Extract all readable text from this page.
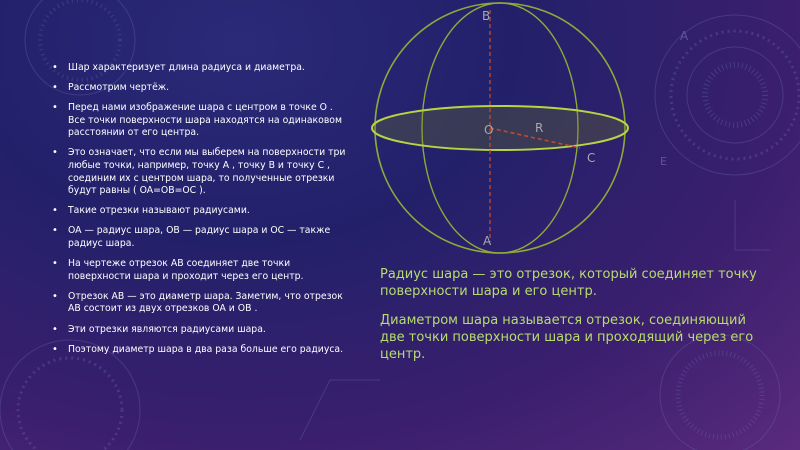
A
E
• Шар характеризует длина радиуса и диаметра.
• Рассмотрим чертёж.
• Перед нами изображение шара с центром в точке O . Все точки поверхности шара находятся на одинаковом расстоянии от его центра.
• Это означает, что если мы выберем на поверхности три любые точки, например, точку A , точку B и точку C , соединим их с центром шара, то полученные отрезки будут равны ( OA=OB=OC ).
• Такие отрезки называют радиусами.
• OA — радиус шара, OB — радиус шара и OC — также радиус шара.
• На чертеже отрезок AB соединяет две точки поверхности шара и проходит через его центр.
• Отрезок AB — это диаметр шара. Заметим, что отрезок AB состоит из двух отрезков OA и OB .
• Эти отрезки являются радиусами шара.
• Поэтому диаметр шара в два раза больше его радиуса.
B
O	R
C
A

Радиус шара — это отрезок, который соединяет точку поверхности шара и его центр.

Диаметром шара называется отрезок, соединяющий две точки поверхности шара и проходящий через его центр.
